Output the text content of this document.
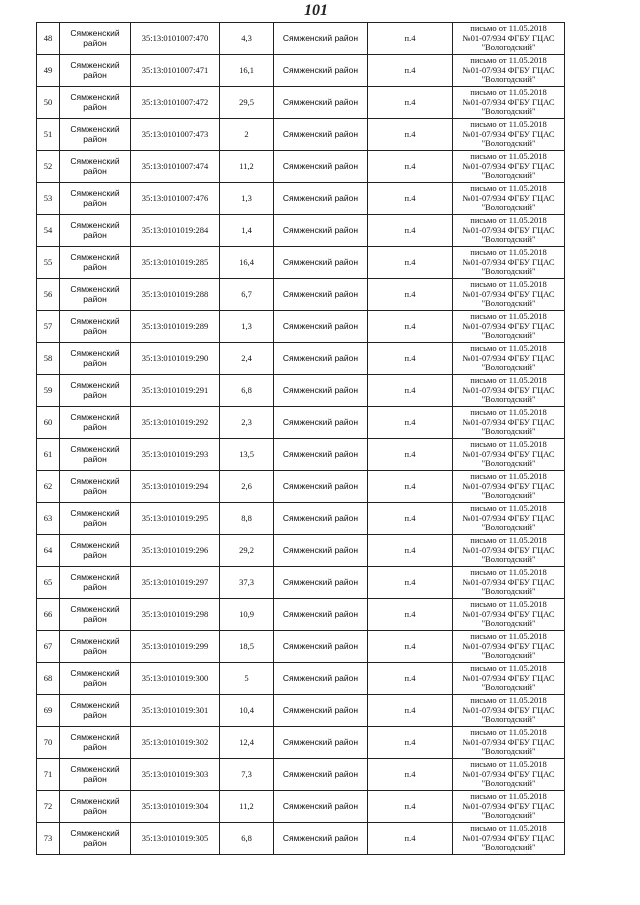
101
48	Сямженский район	35:13:0101007:470	4,3	Сямженский район	п.4	письмо от 11.05.2018
№01-07/934 ФГБУ ГЦАС
"Вологодский"

49	Сямженский район	35:13:0101007:471	16,1	Сямженский район	п.4	письмо от 11.05.2018
№01-07/934 ФГБУ ГЦАС
"Вологодский"

50	Сямженский район	35:13:0101007:472	29,5	Сямженский район	п.4	письмо от 11.05.2018
№01-07/934 ФГБУ ГЦАС
"Вологодский"

51	Сямженский район	35:13:0101007:473	2	Сямженский район	п.4	письмо от 11.05.2018
№01-07/934 ФГБУ ГЦАС
"Вологодский"

52	Сямженский район	35:13:0101007:474	11,2	Сямженский район	п.4	письмо от 11.05.2018
№01-07/934 ФГБУ ГЦАС
"Вологодский"

53	Сямженский район	35:13:0101007:476	1,3	Сямженский район	п.4	письмо от 11.05.2018
№01-07/934 ФГБУ ГЦАС
"Вологодский"

54	Сямженский район	35:13:0101019:284	1,4	Сямженский район	п.4	письмо от 11.05.2018
№01-07/934 ФГБУ ГЦАС
"Вологодский"

55	Сямженский район	35:13:0101019:285	16,4	Сямженский район	п.4	письмо от 11.05.2018
№01-07/934 ФГБУ ГЦАС
"Вологодский"

56	Сямженский район	35:13:0101019:288	6,7	Сямженский район	п.4	письмо от 11.05.2018
№01-07/934 ФГБУ ГЦАС
"Вологодский"

57	Сямженский район	35:13:0101019:289	1,3	Сямженский район	п.4	письмо от 11.05.2018
№01-07/934 ФГБУ ГЦАС
"Вологодский"

58	Сямженский район	35:13:0101019:290	2,4	Сямженский район	п.4	письмо от 11.05.2018
№01-07/934 ФГБУ ГЦАС
"Вологодский"

59	Сямженский район	35:13:0101019:291	6,8	Сямженский район	п.4	письмо от 11.05.2018
№01-07/934 ФГБУ ГЦАС
"Вологодский"

60	Сямженский район	35:13:0101019:292	2,3	Сямженский район	п.4	письмо от 11.05.2018
№01-07/934 ФГБУ ГЦАС
"Вологодский"

61	Сямженский район	35:13:0101019:293	13,5	Сямженский район	п.4	письмо от 11.05.2018
№01-07/934 ФГБУ ГЦАС
"Вологодский"

62	Сямженский район	35:13:0101019:294	2,6	Сямженский район	п.4	письмо от 11.05.2018
№01-07/934 ФГБУ ГЦАС
"Вологодский"

63	Сямженский район	35:13:0101019:295	8,8	Сямженский район	п.4	письмо от 11.05.2018
№01-07/934 ФГБУ ГЦАС
"Вологодский"

64	Сямженский район	35:13:0101019:296	29,2	Сямженский район	п.4	письмо от 11.05.2018
№01-07/934 ФГБУ ГЦАС
"Вологодский"

65	Сямженский район	35:13:0101019:297	37,3	Сямженский район	п.4	письмо от 11.05.2018
№01-07/934 ФГБУ ГЦАС
"Вологодский"

66	Сямженский район	35:13:0101019:298	10,9	Сямженский район	п.4	письмо от 11.05.2018
№01-07/934 ФГБУ ГЦАС
"Вологодский"

67	Сямженский район	35:13:0101019:299	18,5	Сямженский район	п.4	письмо от 11.05.2018
№01-07/934 ФГБУ ГЦАС
"Вологодский"

68	Сямженский район	35:13:0101019:300	5	Сямженский район	п.4	письмо от 11.05.2018
№01-07/934 ФГБУ ГЦАС
"Вологодский"

69	Сямженский район	35:13:0101019:301	10,4	Сямженский район	п.4	письмо от 11.05.2018
№01-07/934 ФГБУ ГЦАС
"Вологодский"

70	Сямженский район	35:13:0101019:302	12,4	Сямженский район	п.4	письмо от 11.05.2018
№01-07/934 ФГБУ ГЦАС
"Вологодский"

71	Сямженский район	35:13:0101019:303	7,3	Сямженский район	п.4	письмо от 11.05.2018
№01-07/934 ФГБУ ГЦАС
"Вологодский"

72	Сямженский район	35:13:0101019:304	11,2	Сямженский район	п.4	письмо от 11.05.2018
№01-07/934 ФГБУ ГЦАС
"Вологодский"

73	Сямженский район	35:13:0101019:305	6,8	Сямженский район	п.4	письмо от 11.05.2018
№01-07/934 ФГБУ ГЦАС
"Вологодский"
